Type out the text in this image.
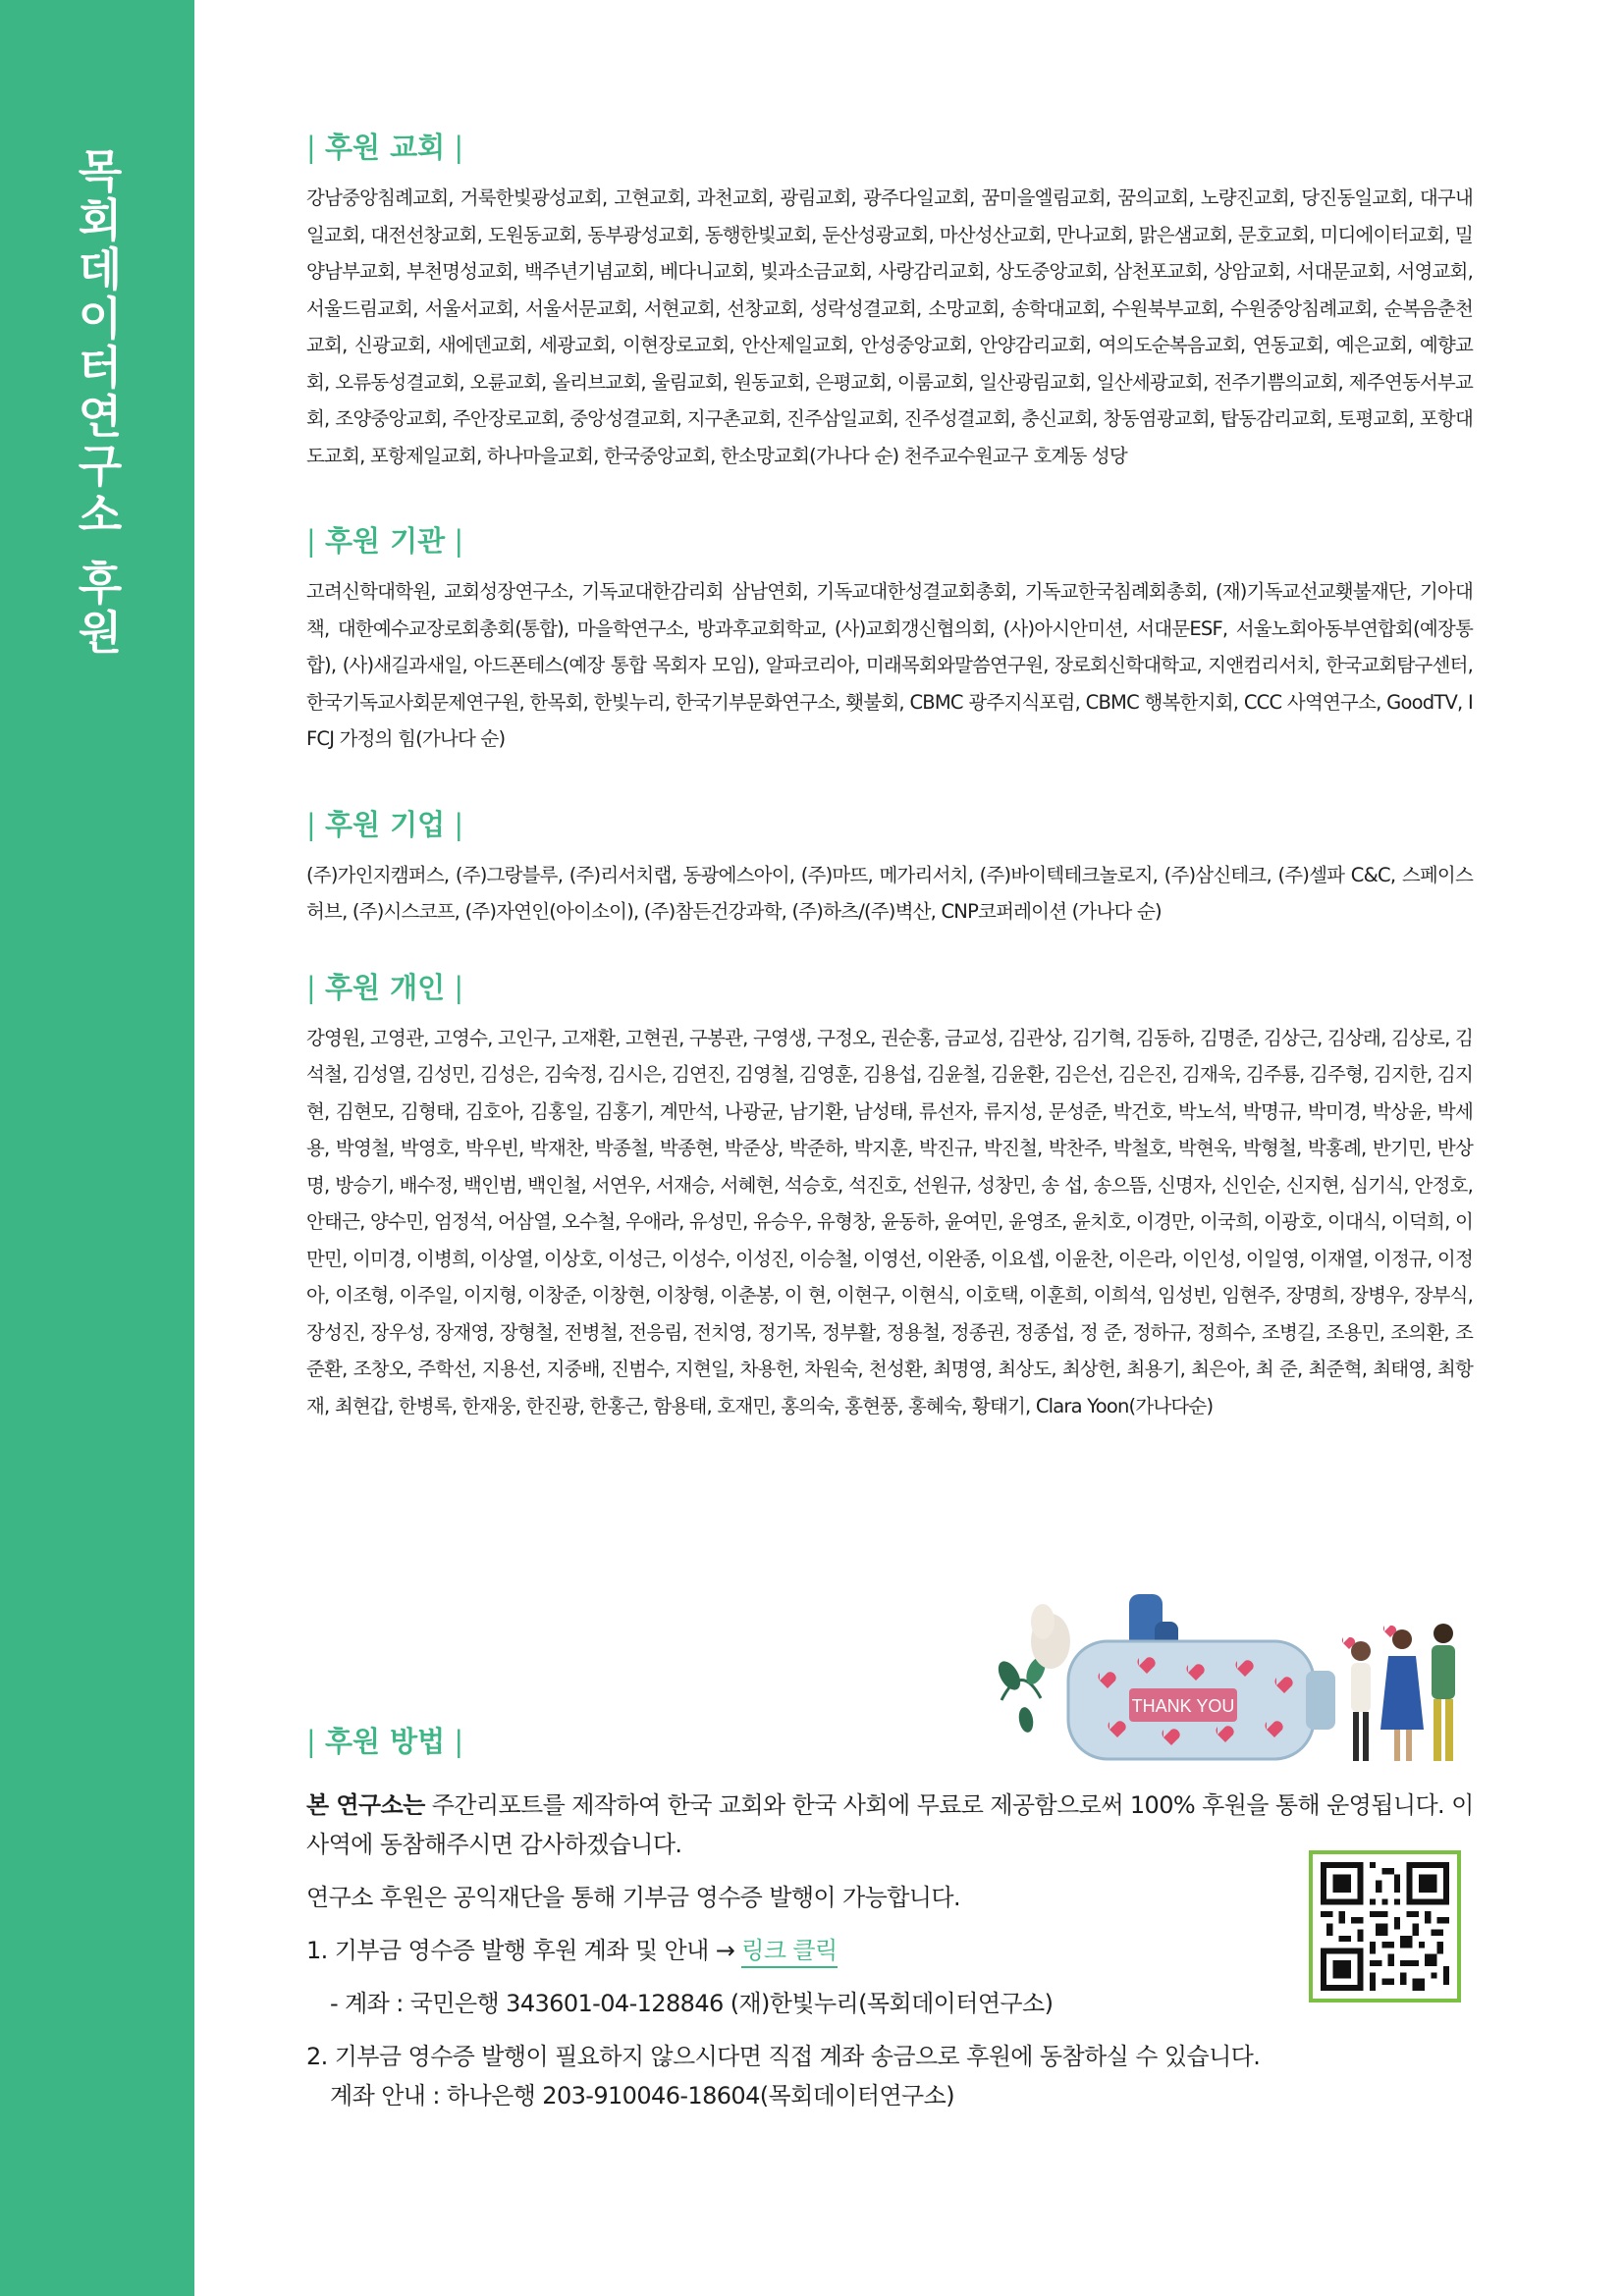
목회데이터연구소 후원	| 후원 교회 |
강남중앙침례교회, 거룩한빛광성교회, 고현교회, 과천교회, 광림교회, 광주다일교회, 꿈미을엘림교회, 꿈의교회, 노량진교회, 당진동일교회, 대구내일교회, 대전선창교회, 도원동교회, 동부광성교회, 동행한빛교회, 둔산성광교회, 마산성산교회, 만나교회, 맑은샘교회, 문호교회, 미디에이터교회, 밀양남부교회, 부천명성교회, 백주년기념교회, 베다니교회, 빛과소금교회, 사랑감리교회, 상도중앙교회, 삼천포교회, 상암교회, 서대문교회, 서영교회, 서울드림교회, 서울서교회, 서울서문교회, 서현교회, 선창교회, 성락성결교회, 소망교회, 송학대교회, 수원북부교회, 수원중앙침례교회, 순복음춘천교회, 신광교회, 새에덴교회, 세광교회, 이현장로교회, 안산제일교회, 안성중앙교회, 안양감리교회, 여의도순복음교회, 연동교회, 예은교회, 예향교회, 오류동성결교회, 오륜교회, 올리브교회, 울림교회, 원동교회, 은평교회, 이룸교회, 일산광림교회, 일산세광교회, 전주기쁨의교회, 제주연동서부교회, 조양중앙교회, 주안장로교회, 중앙성결교회, 지구촌교회, 진주삼일교회, 진주성결교회, 충신교회, 창동염광교회, 탑동감리교회, 토평교회, 포항대도교회, 포항제일교회, 하나마을교회, 한국중앙교회, 한소망교회(가나다 순) 천주교수원교구 호계동 성당
| 후원 기관 |
고려신학대학원, 교회성장연구소, 기독교대한감리회 삼남연회, 기독교대한성결교회총회, 기독교한국침례회총회, (재)기독교선교횃불재단, 기아대책, 대한예수교장로회총회(통합), 마을학연구소, 방과후교회학교, (사)교회갱신협의회, (사)아시안미션, 서대문ESF, 서울노회아동부연합회(예장통합), (사)새길과새일, 아드폰테스(예장 통합 목회자 모임), 알파코리아, 미래목회와말씀연구원, 장로회신학대학교, 지앤컴리서치, 한국교회탐구센터, 한국기독교사회문제연구원, 한목회, 한빛누리, 한국기부문화연구소, 횃불회, CBMC 광주지식포럼, CBMC 행복한지회, CCC 사역연구소, GoodTV, IFCJ 가정의 힘(가나다 순)
| 후원 기업 |
(주)가인지캠퍼스, (주)그랑블루, (주)리서치랩, 동광에스아이, (주)마뜨, 메가리서치, (주)바이텍테크놀로지, (주)삼신테크, (주)셀파 C&C, 스페이스허브, (주)시스코프, (주)자연인(아이소이), (주)참든건강과학, (주)하츠/(주)벽산, CNP코퍼레이션 (가나다 순)
| 후원 개인 |
강영원, 고영관, 고영수, 고인구, 고재환, 고현권, 구봉관, 구영생, 구정오, 권순홍, 금교성, 김관상, 김기혁, 김동하, 김명준, 김상근, 김상래, 김상로, 김석철, 김성열, 김성민, 김성은, 김숙정, 김시은, 김연진, 김영철, 김영훈, 김용섭, 김윤철, 김윤환, 김은선, 김은진, 김재욱, 김주룡, 김주형, 김지한, 김지현, 김현모, 김형태, 김호아, 김홍일, 김홍기, 계만석, 나광균, 남기환, 남성태, 류선자, 류지성, 문성준, 박건호, 박노석, 박명규, 박미경, 박상윤, 박세용, 박영철, 박영호, 박우빈, 박재찬, 박종철, 박종현, 박준상, 박준하, 박지훈, 박진규, 박진철, 박찬주, 박철호, 박현욱, 박형철, 박홍례, 반기민, 반상명, 방승기, 배수정, 백인범, 백인철, 서연우, 서재승, 서혜현, 석승호, 석진호, 선원규, 성창민, 송 섭, 송으뜸, 신명자, 신인순, 신지현, 심기식, 안정호, 안태근, 양수민, 엄정석, 어삼열, 오수철, 우애라, 유성민, 유승우, 유형창, 윤동하, 윤여민, 윤영조, 윤치호, 이경만, 이국희, 이광호, 이대식, 이덕희, 이만민, 이미경, 이병희, 이상열, 이상호, 이성근, 이성수, 이성진, 이승철, 이영선, 이완종, 이요셉, 이윤찬, 이은라, 이인성, 이일영, 이재열, 이정규, 이정아, 이조형, 이주일, 이지형, 이창준, 이창현, 이창형, 이춘봉, 이 현, 이현구, 이현식, 이호택, 이훈희, 이희석, 임성빈, 임현주, 장명희, 장병우, 장부식, 장성진, 장우성, 장재영, 장형철, 전병철, 전응림, 전치영, 정기목, 정부활, 정용철, 정종권, 정종섭, 정 준, 정하규, 정희수, 조병길, 조용민, 조의환, 조준환, 조창오, 주학선, 지용선, 지중배, 진범수, 지현일, 차용헌, 차원숙, 천성환, 최명영, 최상도, 최상헌, 최용기, 최은아, 최 준, 최준혁, 최태영, 최항재, 최현갑, 한병록, 한재웅, 한진광, 한홍근, 함용태, 호재민, 홍의숙, 홍현풍, 홍혜숙, 황태기, Clara Yoon(가나다순)
THANK YOU
| 후원 방법 |

본 연구소는 주간리포트를 제작하여 한국 교회와 한국 사회에 무료로 제공함으로써 100% 후원을 통해 운영됩니다. 이 사역에 동참해주시면 감사하겠습니다.

연구소 후원은 공익재단을 통해 기부금 영수증 발행이 가능합니다.

1. 기부금 영수증 발행 후원 계좌 및 안내 → 링크 클릭

- 계좌 : 국민은행 343601-04-128846 (재)한빛누리(목회데이터연구소)

2. 기부금 영수증 발행이 필요하지 않으시다면 직접 계좌 송금으로 후원에 동참하실 수 있습니다.

계좌 안내 : 하나은행 203-910046-18604(목회데이터연구소)
